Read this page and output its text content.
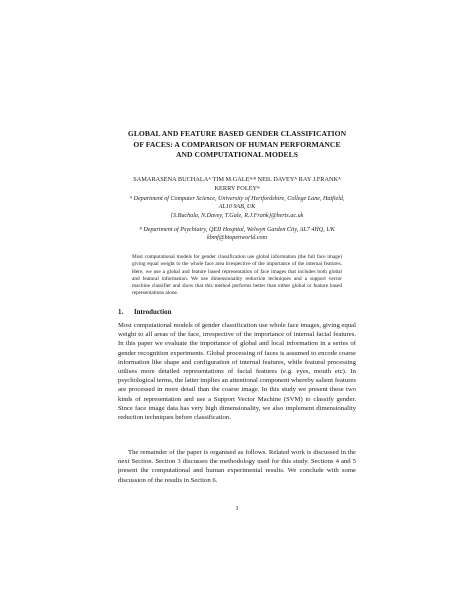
GLOBAL AND FEATURE BASED GENDER CLASSIFICATION
OF FACES: A COMPARISON OF HUMAN PERFORMANCE
AND COMPUTATIONAL MODELS
SAMARASENA BUCHALAᴬ TIM M.GALEᴬʴᴮ NEIL DAVEYᴬ RAY J.FRANKᴬ
KERRY FOLEYᴮ
ᴬ Department of Computer Science, University of Hertfordshire, College Lane, Hatfield,
AL10 9AB, UK
{S.Buchala, N.Davey, T.Gale, R.J.Frank}@herts.ac.uk
ᴮ Department of Psychiatry, QEII Hospital, Welwyn Garden City, AL7 4HQ, UK
kbmf@btopenworld.com
Most computational models for gender classification use global information (the full face image) giving equal weight to the whole face area irrespective of the importance of the internal features. Here, we use a global and feature based representation of face images that includes both global and featural information. We use dimensionality reduction techniques and a support vector machine classifier and show that this method performs better than either global or feature based representations alone.
1. Introduction

Most computational models of gender classification use whole face images, giving equal weight to all areas of the face, irrespective of the importance of internal facial features. In this paper we evaluate the importance of global and local information in a series of gender recognition experiments. Global processing of faces is assumed to encode coarse information like shape and configuration of internal features, while featural processing utilises more detailed representations of facial features (e.g. eyes, mouth etc). In psychological terms, the latter implies an attentional component whereby salient features are processed in more detail than the coarse image. In this study we present these two kinds of representation and use a Support Vector Machine (SVM) to classify gender. Since face image data has very high dimensionality, we also implement dimensionality reduction techniques before classification.

The remainder of the paper is organised as follows. Related work is discussed in the next Section. Section 3 discusses the methodology used for this study. Sections 4 and 5 present the computational and human experimental results. We conclude with some discussion of the results in Section 6.

1
